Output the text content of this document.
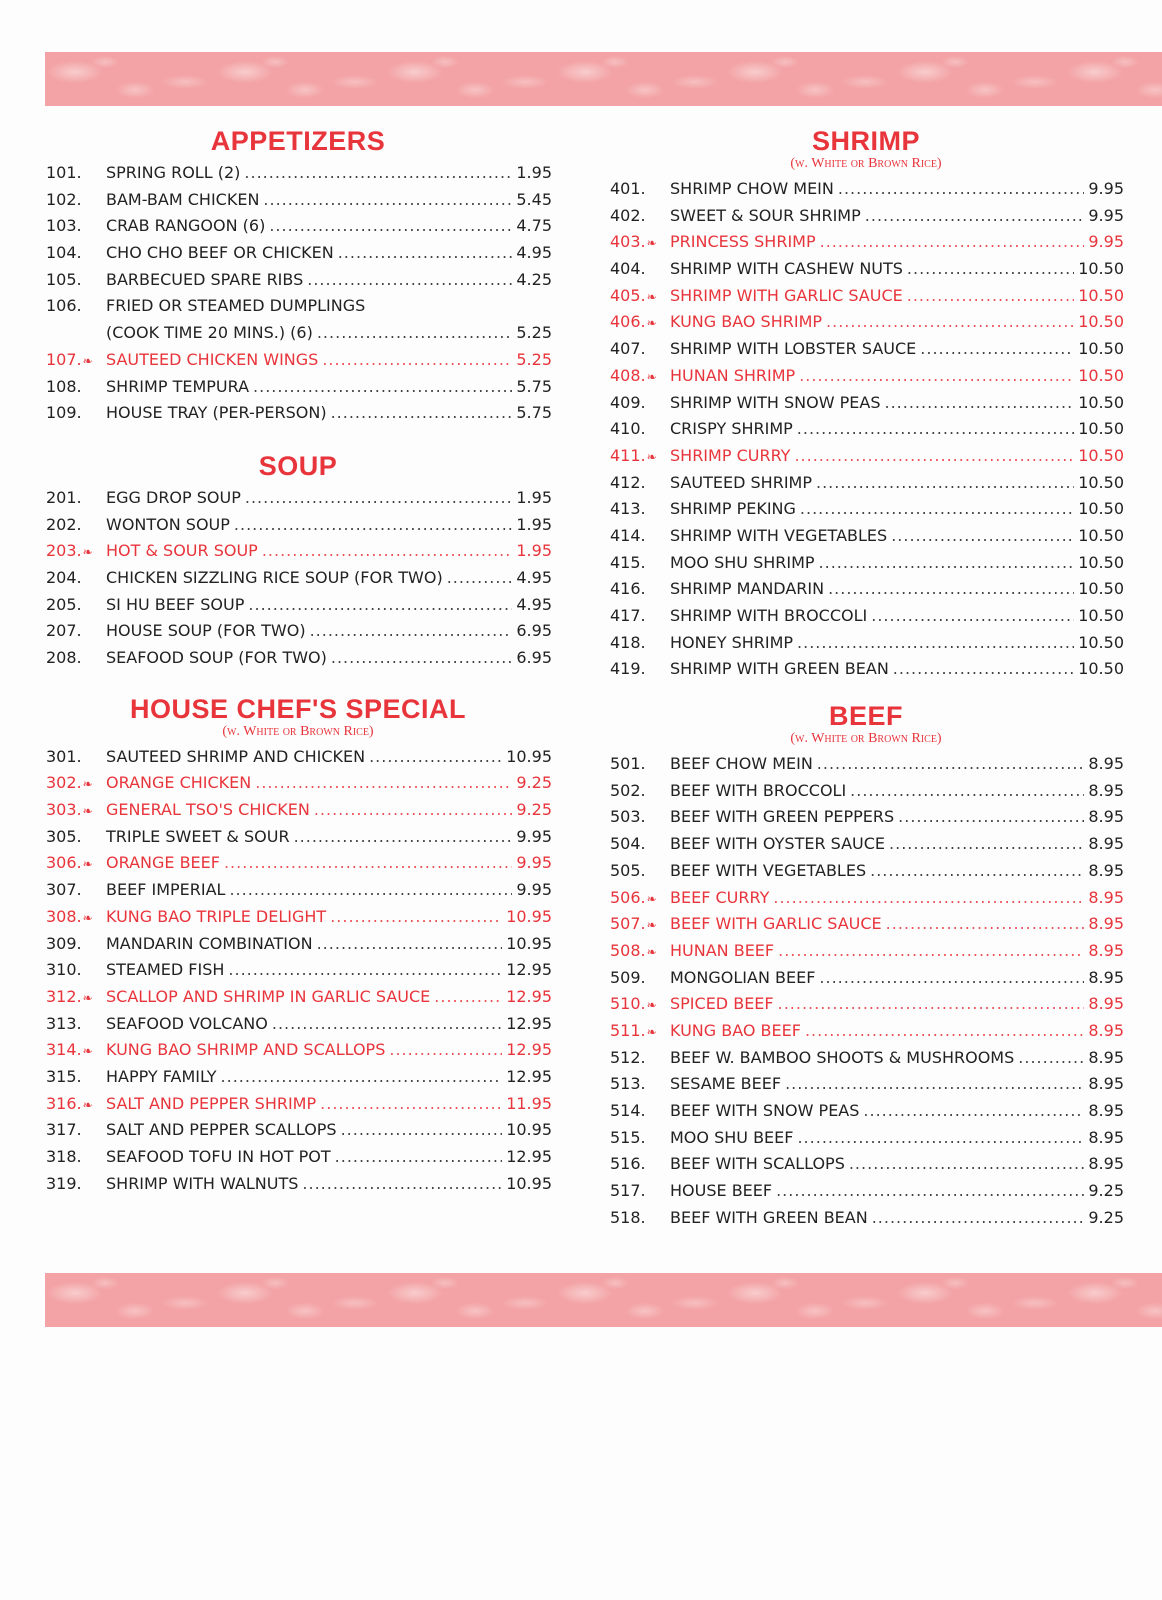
APPETIZERS
101.	SPRING ROLL (2) .....	1.95
102.	BAM-BAM CHICKEN .....	5.45
103.	CRAB RANGOON (6) .....	4.75
104.	CHO CHO BEEF OR CHICKEN .....	4.95
105.	BARBECUED SPARE RIBS .....	4.25
106.	FRIED OR STEAMED DUMPLINGS
(COOK TIME 20 MINS.) (6) .....	5.25
107.❧ SAUTEED CHICKEN WINGS .....	5.25
108.	SHRIMP TEMPURA .....	5.75
109.	HOUSE TRAY (PER-PERSON) .....	5.75
SOUP
201.	EGG DROP SOUP .....	1.95
202.	WONTON SOUP .....	1.95
203.❧ HOT & SOUR SOUP .....	1.95
204.	CHICKEN SIZZLING RICE SOUP (FOR TWO) .....	4.95
205.	SI HU BEEF SOUP .....	4.95
207.	HOUSE SOUP (FOR TWO) .....	6.95
208.	SEAFOOD SOUP (FOR TWO) .....	6.95
HOUSE CHEF'S SPECIAL

(w. White or Brown Rice)

301.	SAUTEED SHRIMP AND CHICKEN .....	10.95
302.❧ ORANGE CHICKEN .....	9.25
303.❧ GENERAL TSO'S CHICKEN .....	9.25
305.	TRIPLE SWEET & SOUR .....	9.95
306.❧ ORANGE BEEF .....	9.95
307.	BEEF IMPERIAL .....	9.95
308.❧ KUNG BAO TRIPLE DELIGHT .....	10.95
309.	MANDARIN COMBINATION .....	10.95
310.	STEAMED FISH .....	12.95
312.❧ SCALLOP AND SHRIMP IN GARLIC SAUCE .....	12.95
313.	SEAFOOD VOLCANO .....	12.95
314.❧ KUNG BAO SHRIMP AND SCALLOPS .....	12.95
315.	HAPPY FAMILY .....	12.95
316.❧ SALT AND PEPPER SHRIMP .....	11.95
317.	SALT AND PEPPER SCALLOPS .....	10.95
318.	SEAFOOD TOFU IN HOT POT .....	12.95
319.	SHRIMP WITH WALNUTS .....	10.95
SHRIMP

(w. White or Brown Rice)

401.	SHRIMP CHOW MEIN .....	9.95
402.	SWEET & SOUR SHRIMP .....	9.95
403.❧ PRINCESS SHRIMP .....	9.95
404.	SHRIMP WITH CASHEW NUTS .....	10.50
405.❧ SHRIMP WITH GARLIC SAUCE .....	10.50
406.❧ KUNG BAO SHRIMP .....	10.50
407.	SHRIMP WITH LOBSTER SAUCE .....	10.50
408.❧ HUNAN SHRIMP .....	10.50
409.	SHRIMP WITH SNOW PEAS .....	10.50
410.	CRISPY SHRIMP .....	10.50
411.❧ SHRIMP CURRY .....	10.50
412.	SAUTEED SHRIMP .....	10.50
413.	SHRIMP PEKING .....	10.50
414.	SHRIMP WITH VEGETABLES .....	10.50
415.	MOO SHU SHRIMP .....	10.50
416.	SHRIMP MANDARIN .....	10.50
417.	SHRIMP WITH BROCCOLI .....	10.50
418.	HONEY SHRIMP .....	10.50
419.	SHRIMP WITH GREEN BEAN .....	10.50
BEEF

(w. White or Brown Rice)

501.	BEEF CHOW MEIN .....	8.95
502.	BEEF WITH BROCCOLI .....	8.95
503.	BEEF WITH GREEN PEPPERS .....	8.95
504.	BEEF WITH OYSTER SAUCE .....	8.95
505.	BEEF WITH VEGETABLES .....	8.95
506.❧ BEEF CURRY .....	8.95
507.❧ BEEF WITH GARLIC SAUCE .....	8.95
508.❧ HUNAN BEEF .....	8.95
509.	MONGOLIAN BEEF .....	8.95
510.❧ SPICED BEEF .....	8.95
511.❧ KUNG BAO BEEF .....	8.95
512.	BEEF W. BAMBOO SHOOTS & MUSHROOMS .....	8.95
513.	SESAME BEEF .....	8.95
514.	BEEF WITH SNOW PEAS .....	8.95
515.	MOO SHU BEEF .....	8.95
516.	BEEF WITH SCALLOPS .....	8.95
517.	HOUSE BEEF .....	9.25
518.	BEEF WITH GREEN BEAN .....	9.25
